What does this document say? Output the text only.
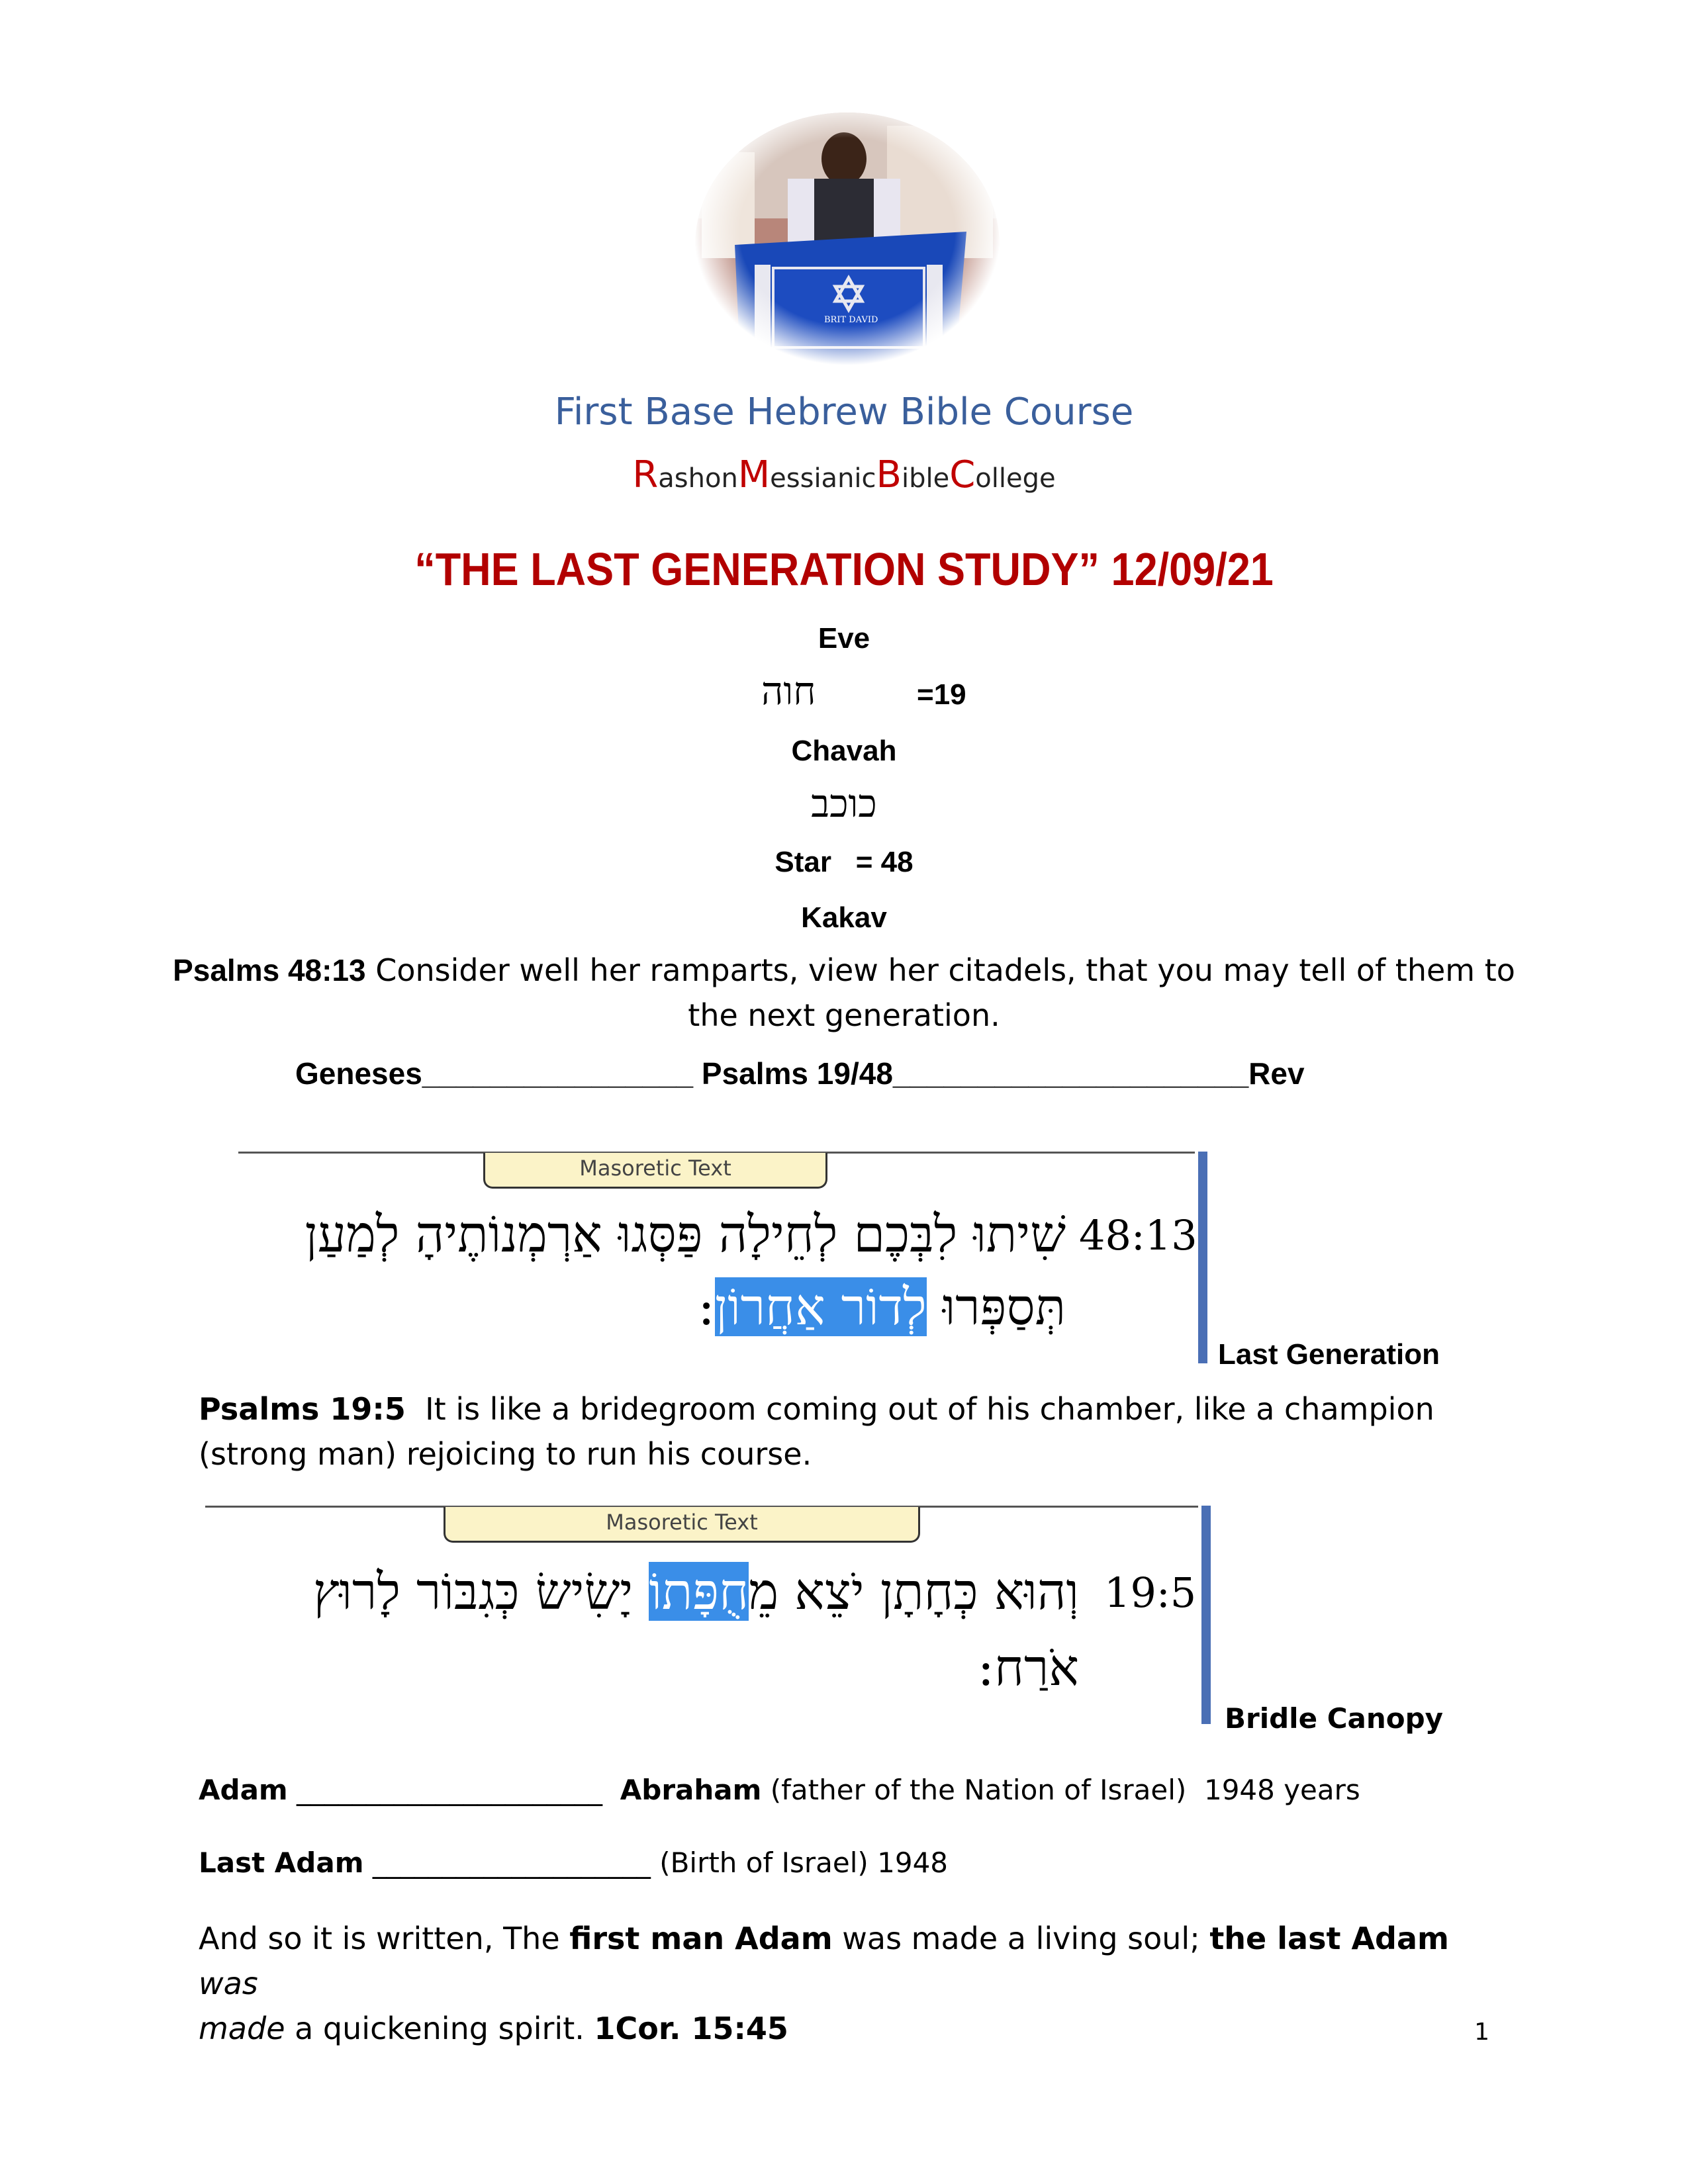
BRIT DAVID
First Base Hebrew Bible Course
RashonMessianicBibleCollege
“THE LAST GENERATION STUDY” 12/09/21
Eve
חוה	=19
Chavah
כוכב
Star   = 48
Kakav
Psalms 48:13 Consider well her ramparts, view her citadels, that you may tell of them to
the next generation.
Geneses________________ Psalms 19/48_____________________Rev
Masoretic Text
48:13
שִׁיתוּ לִבְּכֶם לְחֵילָה פַּסְּגוּ אַרְמְנוֹתֶיהָ לְמַעַן
תְּסַפְּרוּ לְדוֹר אַחֲרוֹן:
Last Generation
Psalms 19:5  It is like a bridegroom coming out of his chamber, like a champion
(strong man) rejoicing to run his course.
Masoretic Text
19:5
וְהוּא כְּחָתָן יֹצֵא מֵחֻפָּתוֹ יָשִׂישׂ כְּגִבּוֹר לָרוּץ
אֹרַח:
Bridle Canopy
Adam ______________________ Abraham (father of the Nation of Israel)  1948 years
Last Adam ____________________ (Birth of Israel) 1948
And so it is written, The first man Adam was made a living soul; the last Adam was
made a quickening spirit. 1Cor. 15:45	1
